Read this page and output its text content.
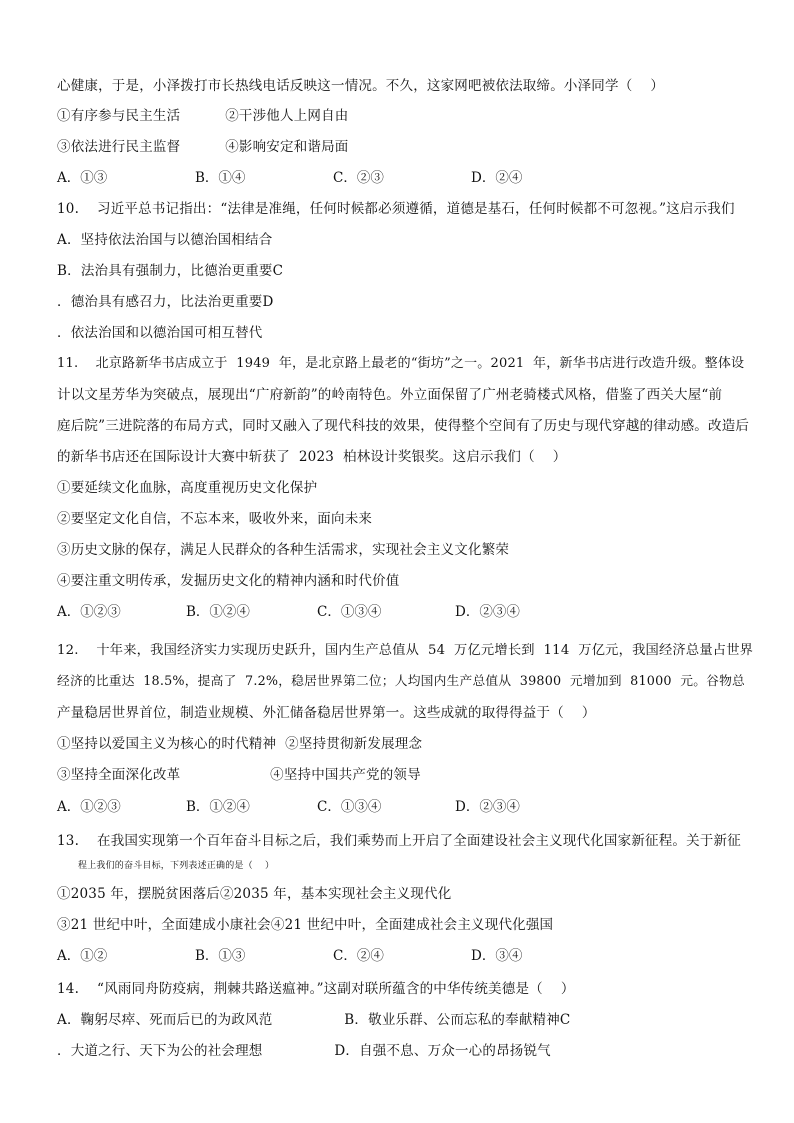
心健康，于是，小泽拨打市长热线电话反映这一情况。不久，这家网吧被依法取缔。小泽同学（    ）
①有序参与民主生活          ②干涉他人上网自由
③依法进行民主监督          ④影响安定和谐局面
A．①③	B．①④	C．②③	D．②④
10.    习近平总书记指出：“法律是准绳，任何时候都必须遵循，道德是基石，任何时候都不可忽视。”这启示我们
A．坚持依法治国与以德治国相结合
B．法治具有强制力，比德治更重要C
．德治具有感召力，比法治更重要D
．依法治国和以德治国可相互替代
11.    北京路新华书店成立于  1949  年，是北京路上最老的“街坊”之一。2021  年，新华书店进行改造升级。整体设
计以文星芳华为突破点，展现出“广府新韵”的岭南特色。外立面保留了广州老骑楼式风格，借鉴了西关大屋“前
庭后院”三进院落的布局方式，同时又融入了现代科技的效果，使得整个空间有了历史与现代穿越的律动感。改造后
的新华书店还在国际设计大赛中斩获了  2023  柏林设计奖银奖。这启示我们（    ）
①要延续文化血脉，高度重视历史文化保护
②要坚定文化自信，不忘本来，吸收外来，面向未来
③历史文脉的保存，满足人民群众的各种生活需求，实现社会主义文化繁荣
④要注重文明传承，发掘历史文化的精神内涵和时代价值
A．①②③	B．①②④	C．①③④	D．②③④
12.    十年来，我国经济实力实现历史跃升，国内生产总值从  54  万亿元增长到  114  万亿元，我国经济总量占世界
经济的比重达  18.5%，提高了  7.2%，稳居世界第二位；人均国内生产总值从  39800  元增加到  81000  元。谷物总
产量稳居世界首位，制造业规模、外汇储备稳居世界第一。这些成就的取得得益于（    ）
①坚持以爱国主义为核心的时代精神  ②坚持贯彻新发展理念
③坚持全面深化改革                    ④坚持中国共产党的领导
A．①②③	B．①②④	C．①③④	D．②③④
13.    在我国实现第一个百年奋斗目标之后，我们乘势而上开启了全面建设社会主义现代化国家新征程。关于新征
程上我们的奋斗目标，下列表述正确的是（    ）
①2035 年，摆脱贫困落后②2035 年，基本实现社会主义现代化
③21 世纪中叶，全面建成小康社会④21 世纪中叶，全面建成社会主义现代化强国
A．①②	B．①③	C．②④	D．③④
14.    “风雨同舟防疫病，荆棘共路送瘟神。”这副对联所蕴含的中华传统美德是（    ）
A．鞠躬尽瘁、死而后已的为政风范                B．敬业乐群、公而忘私的奉献精神C
．大道之行、天下为公的社会理想                D．自强不息、万众一心的昂扬锐气
